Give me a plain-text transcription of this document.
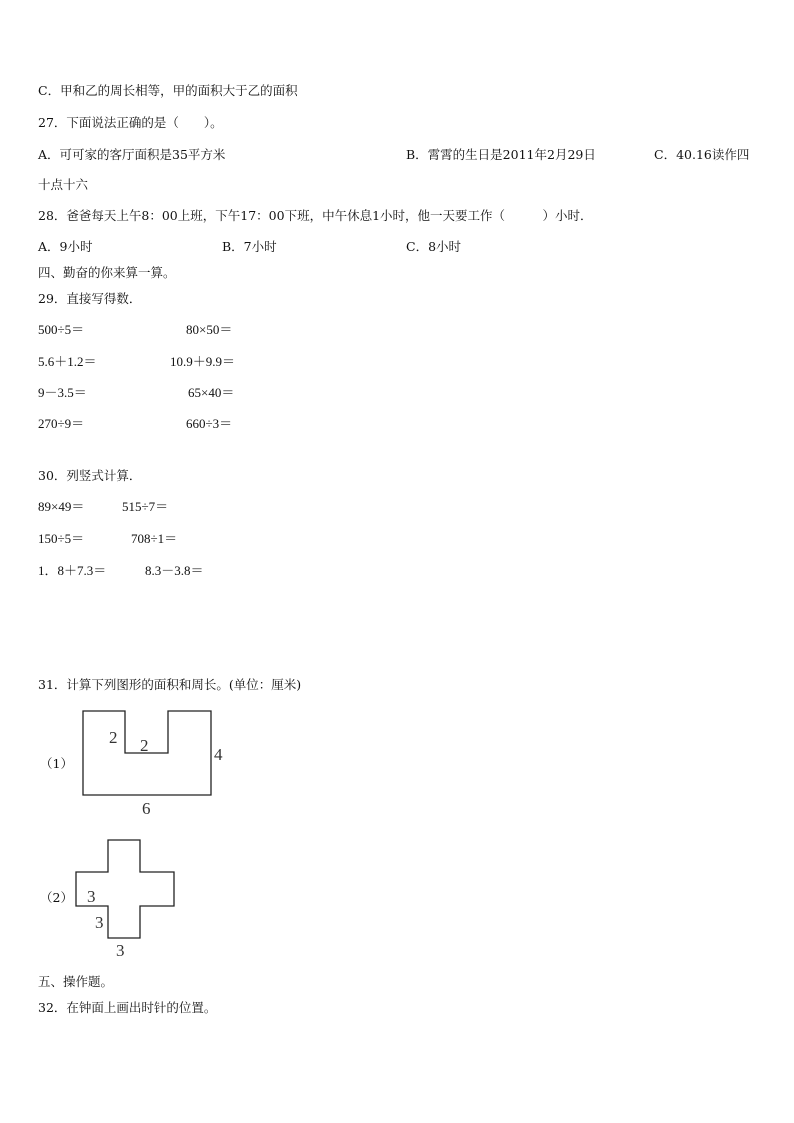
C．甲和乙的周长相等，甲的面积大于乙的面积
27．下面说法正确的是（　　）。
A．可可家的客厅面积是35平方米	B．霄霄的生日是2011年2月29日	C．40.16读作四
十点十六
28．爸爸每天上午8：00上班，下午17：00下班，中午休息1小时，他一天要工作（　　　）小时．
A．9小时	B．7小时	C．8小时
四、勤奋的你来算一算。
29．直接写得数．
500÷5＝	80×50＝
5.6＋1.2＝	10.9＋9.9＝
9－3.5＝	65×40＝
270÷9＝	660÷3＝
30．列竖式计算．
89×49＝	515÷7＝
150÷5＝	708÷1＝
1．8＋7.3＝	8.3－3.8＝
31．计算下列图形的面积和周长。(单位：厘米)
（1）
2 2	4
6
（2） 3
3
3
五、操作题。
32．在钟面上画出时针的位置。
